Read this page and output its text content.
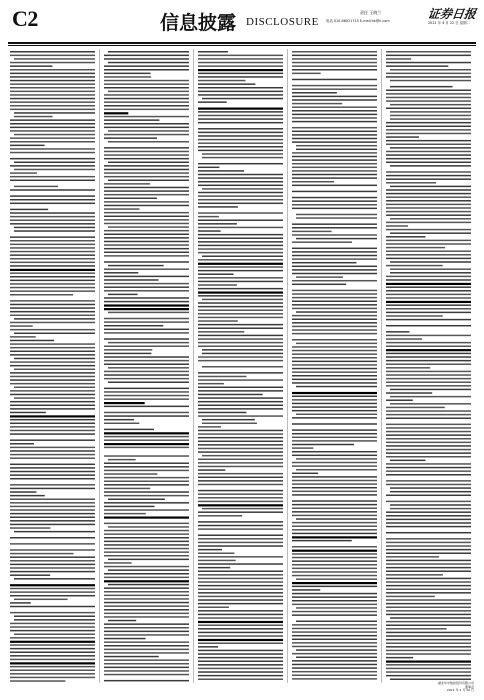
C2	信息披露 DISCLOSURE
责任 王晓兰
电话 010-66021715 E-mail:hk@h.com	证券日报
2021 年 4 月 22 日 星期二
湖北华中数控股份有限公司
董事会
2021 年 4 月 22 日
